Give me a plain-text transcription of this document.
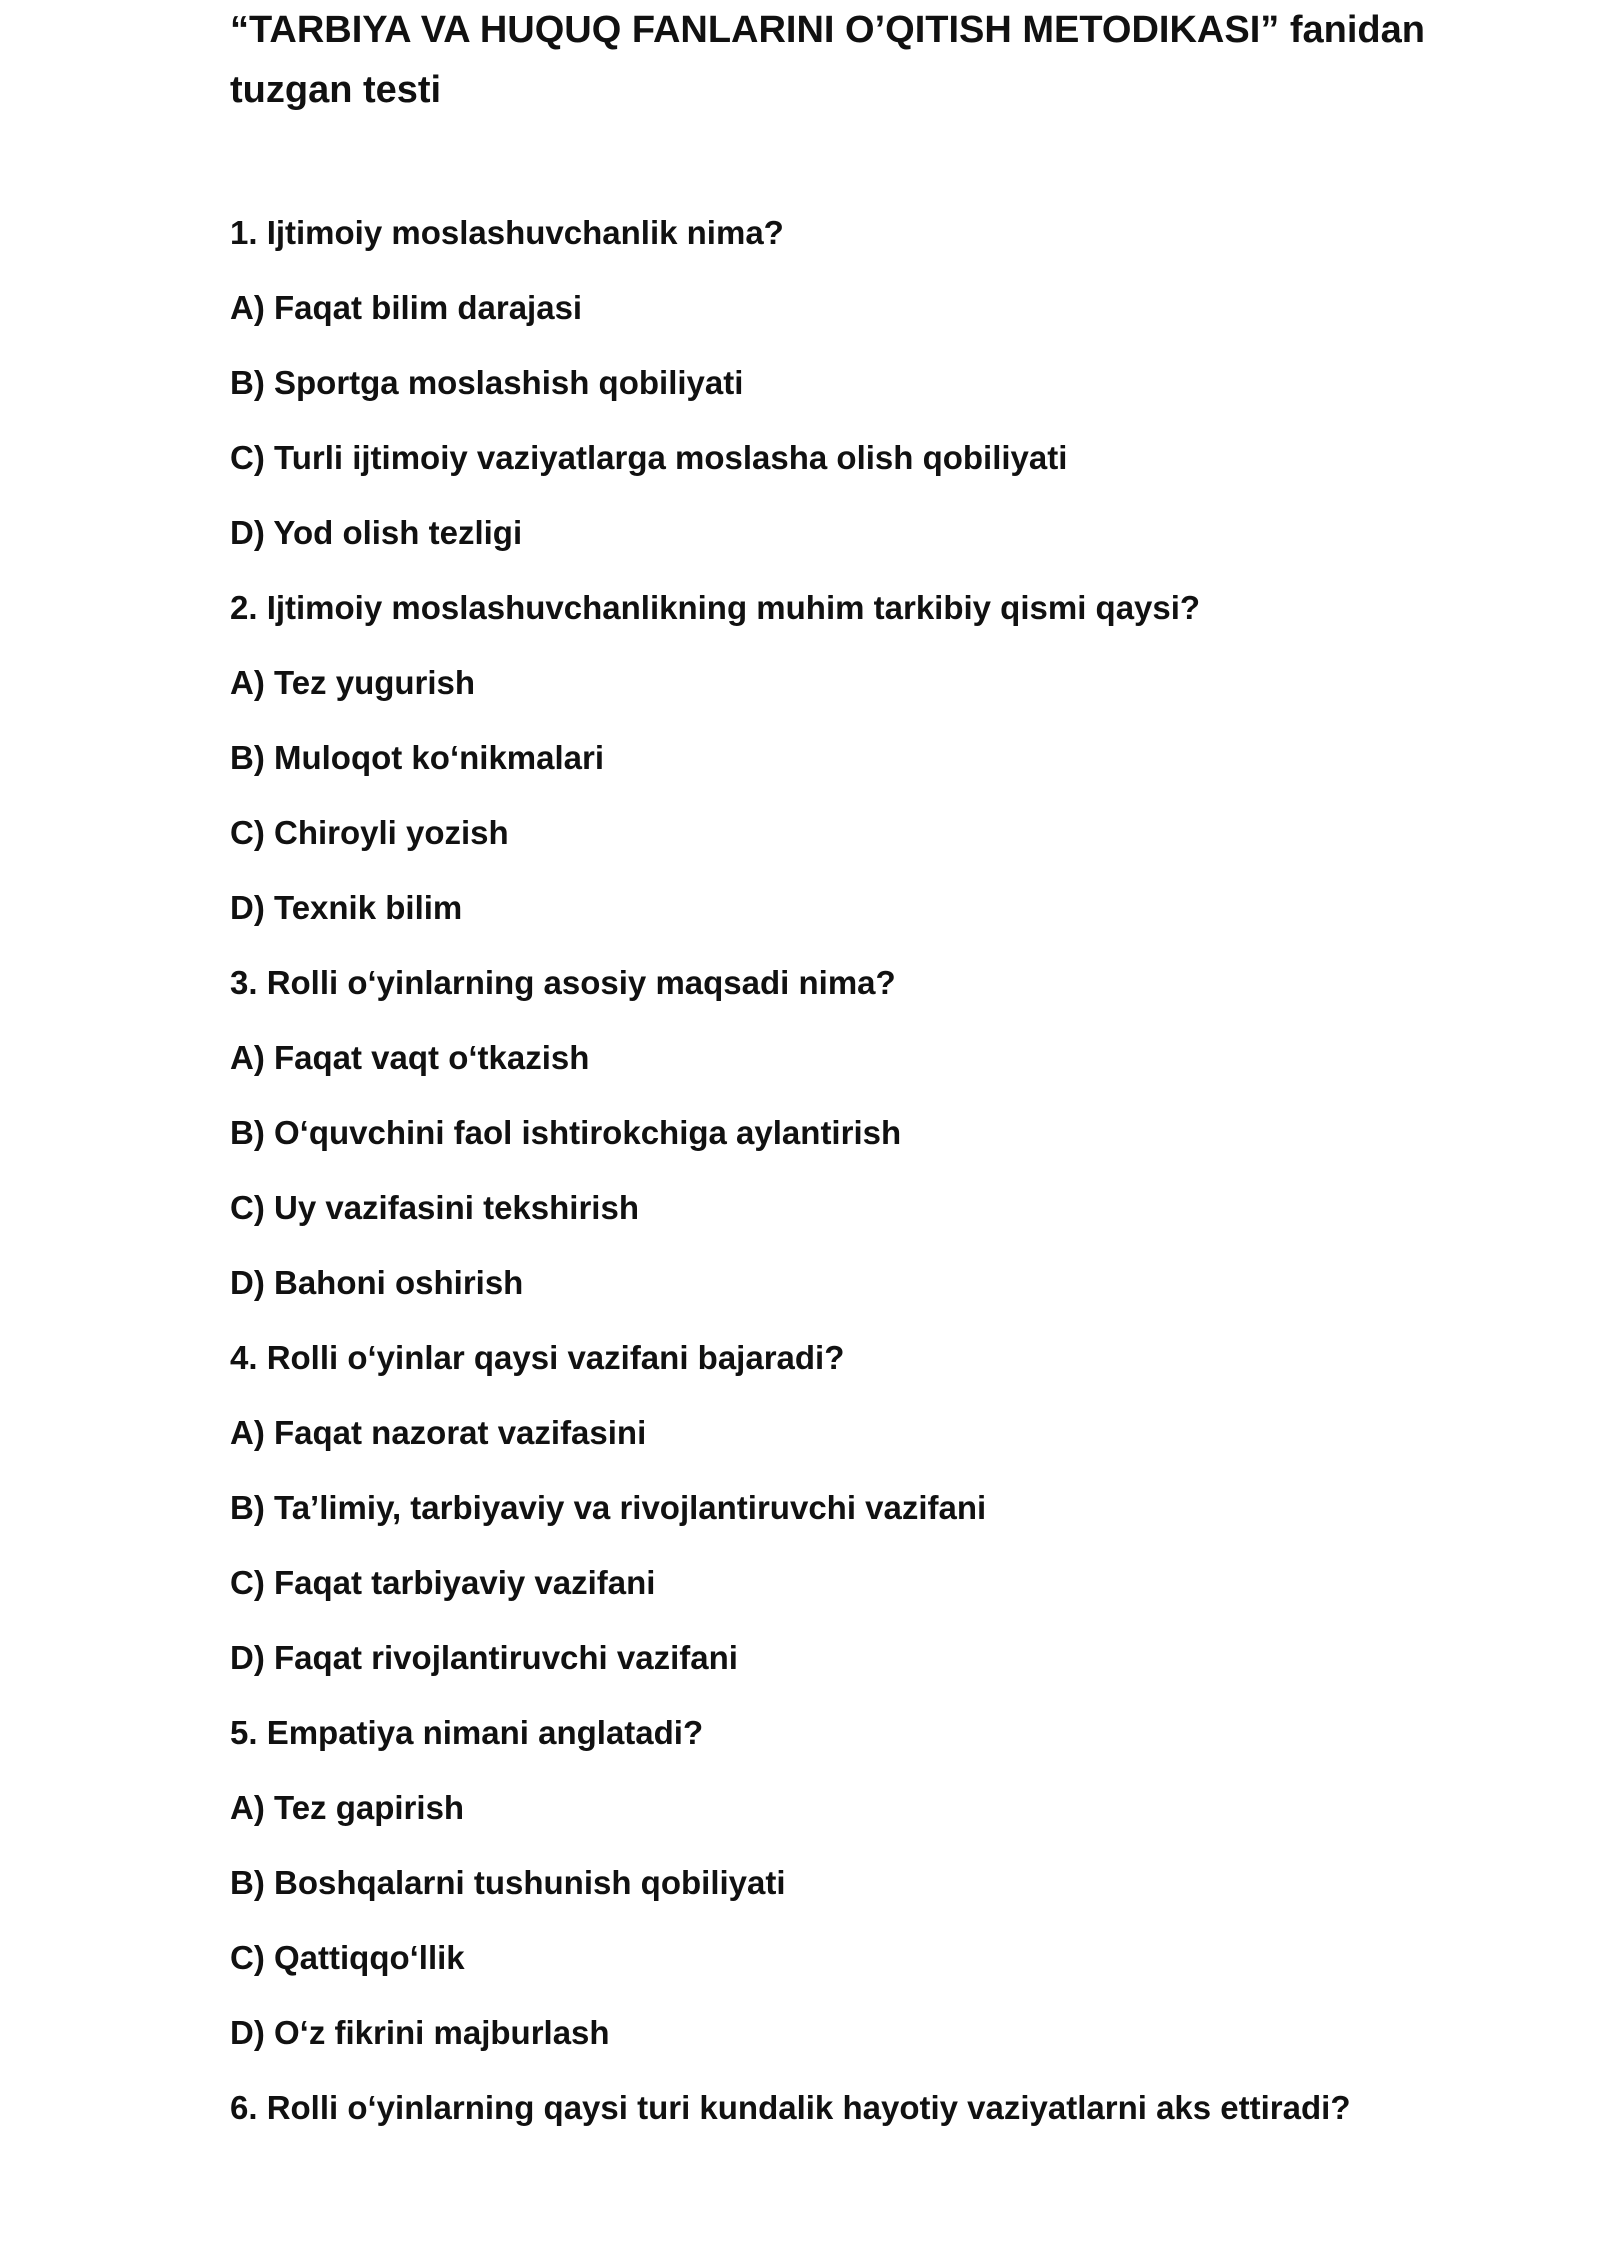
“TARBIYA VA HUQUQ FANLARINI O’QITISH METODIKASI” fanidan tuzgan testi

1. Ijtimoiy moslashuvchanlik nima?

A) Faqat bilim darajasi

B) Sportga moslashish qobiliyati

C) Turli ijtimoiy vaziyatlarga moslasha olish qobiliyati

D) Yod olish tezligi

2. Ijtimoiy moslashuvchanlikning muhim tarkibiy qismi qaysi?

A) Tez yugurish

B) Muloqot ko‘nikmalari

C) Chiroyli yozish

D) Texnik bilim

3. Rolli o‘yinlarning asosiy maqsadi nima?

A) Faqat vaqt o‘tkazish

B) O‘quvchini faol ishtirokchiga aylantirish

C) Uy vazifasini tekshirish

D) Bahoni oshirish

4. Rolli o‘yinlar qaysi vazifani bajaradi?

A) Faqat nazorat vazifasini

B) Ta’limiy, tarbiyaviy va rivojlantiruvchi vazifani

C) Faqat tarbiyaviy vazifani

D) Faqat rivojlantiruvchi vazifani

5. Empatiya nimani anglatadi?

A) Tez gapirish

B) Boshqalarni tushunish qobiliyati

C) Qattiqqo‘llik

D) O‘z fikrini majburlash

6. Rolli o‘yinlarning qaysi turi kundalik hayotiy vaziyatlarni aks ettiradi?
